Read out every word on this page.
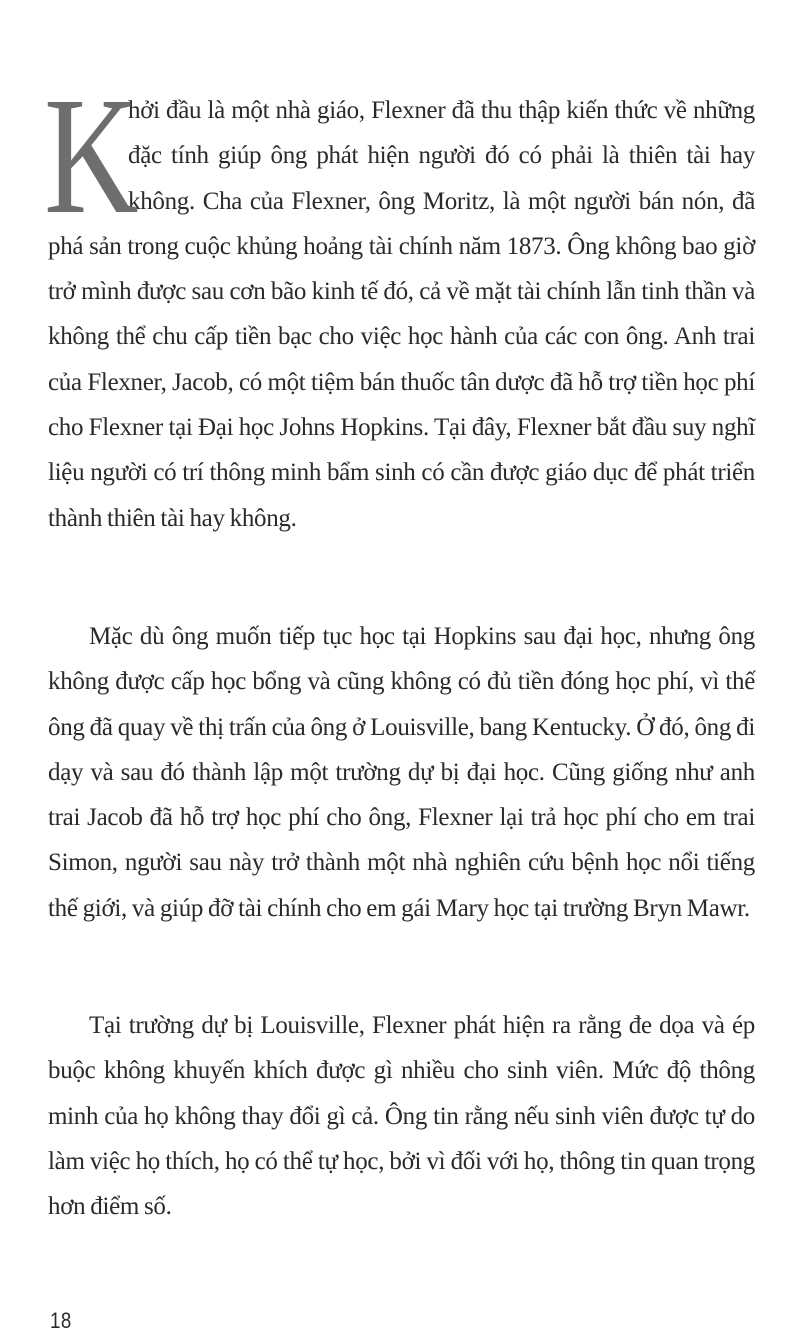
K
hởi đầu là một nhà giáo, Flexner đã thu thập kiến thức về những đặc tính giúp ông phát hiện người đó có phải là thiên tài hay không. Cha của Flexner, ông Moritz, là một người bán nón, đã phá sản trong cuộc khủng hoảng tài chính năm 1873. Ông không bao giờ trở mình được sau cơn bão kinh tế đó, cả về mặt tài chính lẫn tinh thần và không thể chu cấp tiền bạc cho việc học hành của các con ông. Anh trai của Flexner, Jacob, có một tiệm bán thuốc tân dược đã hỗ trợ tiền học phí cho Flexner tại Đại học Johns Hopkins. Tại đây, Flexner bắt đầu suy nghĩ liệu người có trí thông minh bẩm sinh có cần được giáo dục để phát triển thành thiên tài hay không.

Mặc dù ông muốn tiếp tục học tại Hopkins sau đại học, nhưng ông không được cấp học bổng và cũng không có đủ tiền đóng học phí, vì thế ông đã quay về thị trấn của ông ở Louisville, bang Kentucky. Ở đó, ông đi dạy và sau đó thành lập một trường dự bị đại học. Cũng giống như anh trai Jacob đã hỗ trợ học phí cho ông, Flexner lại trả học phí cho em trai Simon, người sau này trở thành một nhà nghiên cứu bệnh học nổi tiếng thế giới, và giúp đỡ tài chính cho em gái Mary học tại trường Bryn Mawr.

Tại trường dự bị Louisville, Flexner phát hiện ra rằng đe dọa và ép buộc không khuyến khích được gì nhiều cho sinh viên. Mức độ thông minh của họ không thay đổi gì cả. Ông tin rằng nếu sinh viên được tự do làm việc họ thích, họ có thể tự học, bởi vì đối với họ, thông tin quan trọng hơn điểm số.

18
